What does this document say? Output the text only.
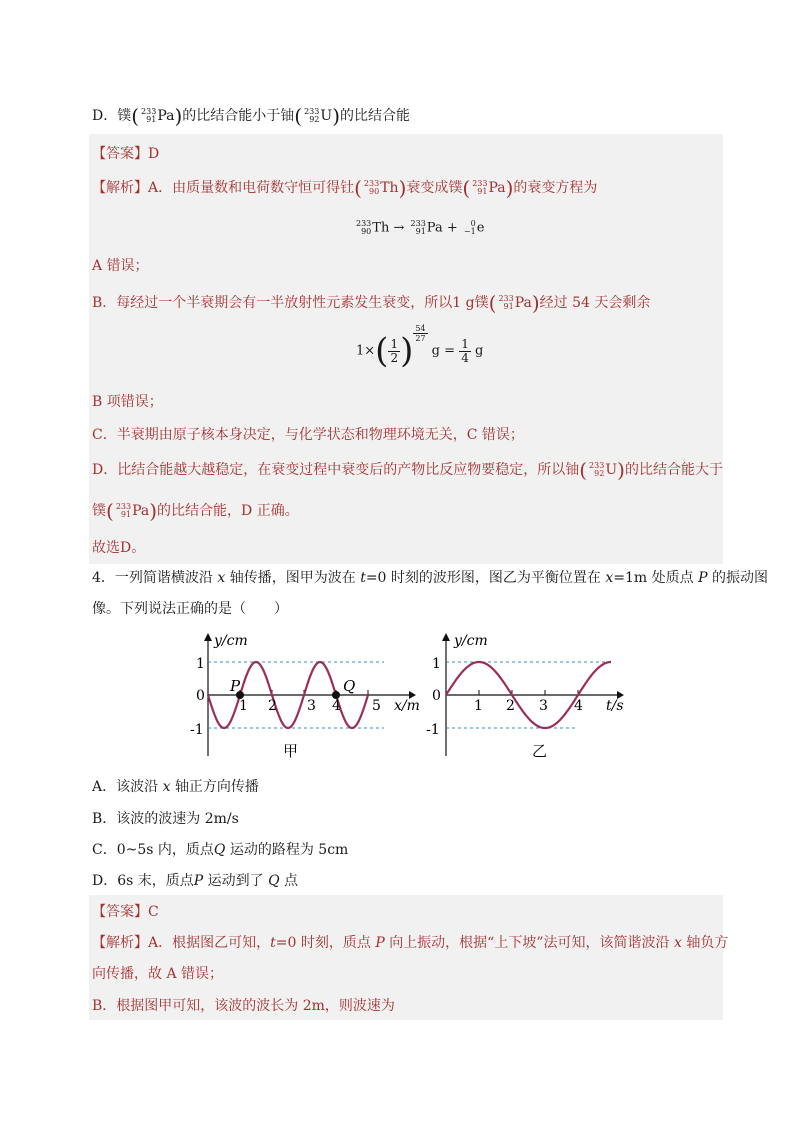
D．镤( 233
91 Pa)的比结合能小于铀( 233
92 U)的比结合能
【答案】D
【解析】A．由质量数和电荷数守恒可得钍( 233
90 Th)衰变成镤( 233
91 Pa)的衰变方程为
233
90 Th → 233
91 Pa +	0
−1 e
A 错误；
B．每经过一个半衰期会有一半放射性元素发生衰变，所以1 g镤( 233
91 Pa)经过 54 天会剩余
$1\times( \frac{1}{2}$ ) $\frac{54}{27}$
$g = \frac{1}{4}$ g
B 项错误；
C．半衰期由原子核本身决定，与化学状态和物理环境无关，C 错误；
D．比结合能越大越稳定，在衰变过程中衰变后的产物比反应物要稳定，所以铀( 233
92 U)的比结合能大于
镤( 233
91 Pa)的比结合能，D 正确。
故选D。
4．一列简谐横波沿 x 轴传播，图甲为波在 t=0 时刻的波形图，图乙为平衡位置在 x=1m 处质点 P 的振动图
像。下列说法正确的是（　　）
y/cm
x/m
1 2 3 4 5
1
0
-1
P	Q
甲
y/cm
t/s
1 2 3 4
1
0
-1
乙
A．该波沿 x 轴正方向传播
B．该波的波速为 2m/s
C．0~5s 内，质点Q 运动的路程为 5cm
D．6s 末，质点P 运动到了 Q 点
【答案】C
【解析】A．根据图乙可知，t=0 时刻，质点 P 向上振动，根据“上下坡”法可知，该简谐波沿 x 轴负方
向传播，故 A 错误；
B．根据图甲可知，该波的波长为 2m，则波速为
